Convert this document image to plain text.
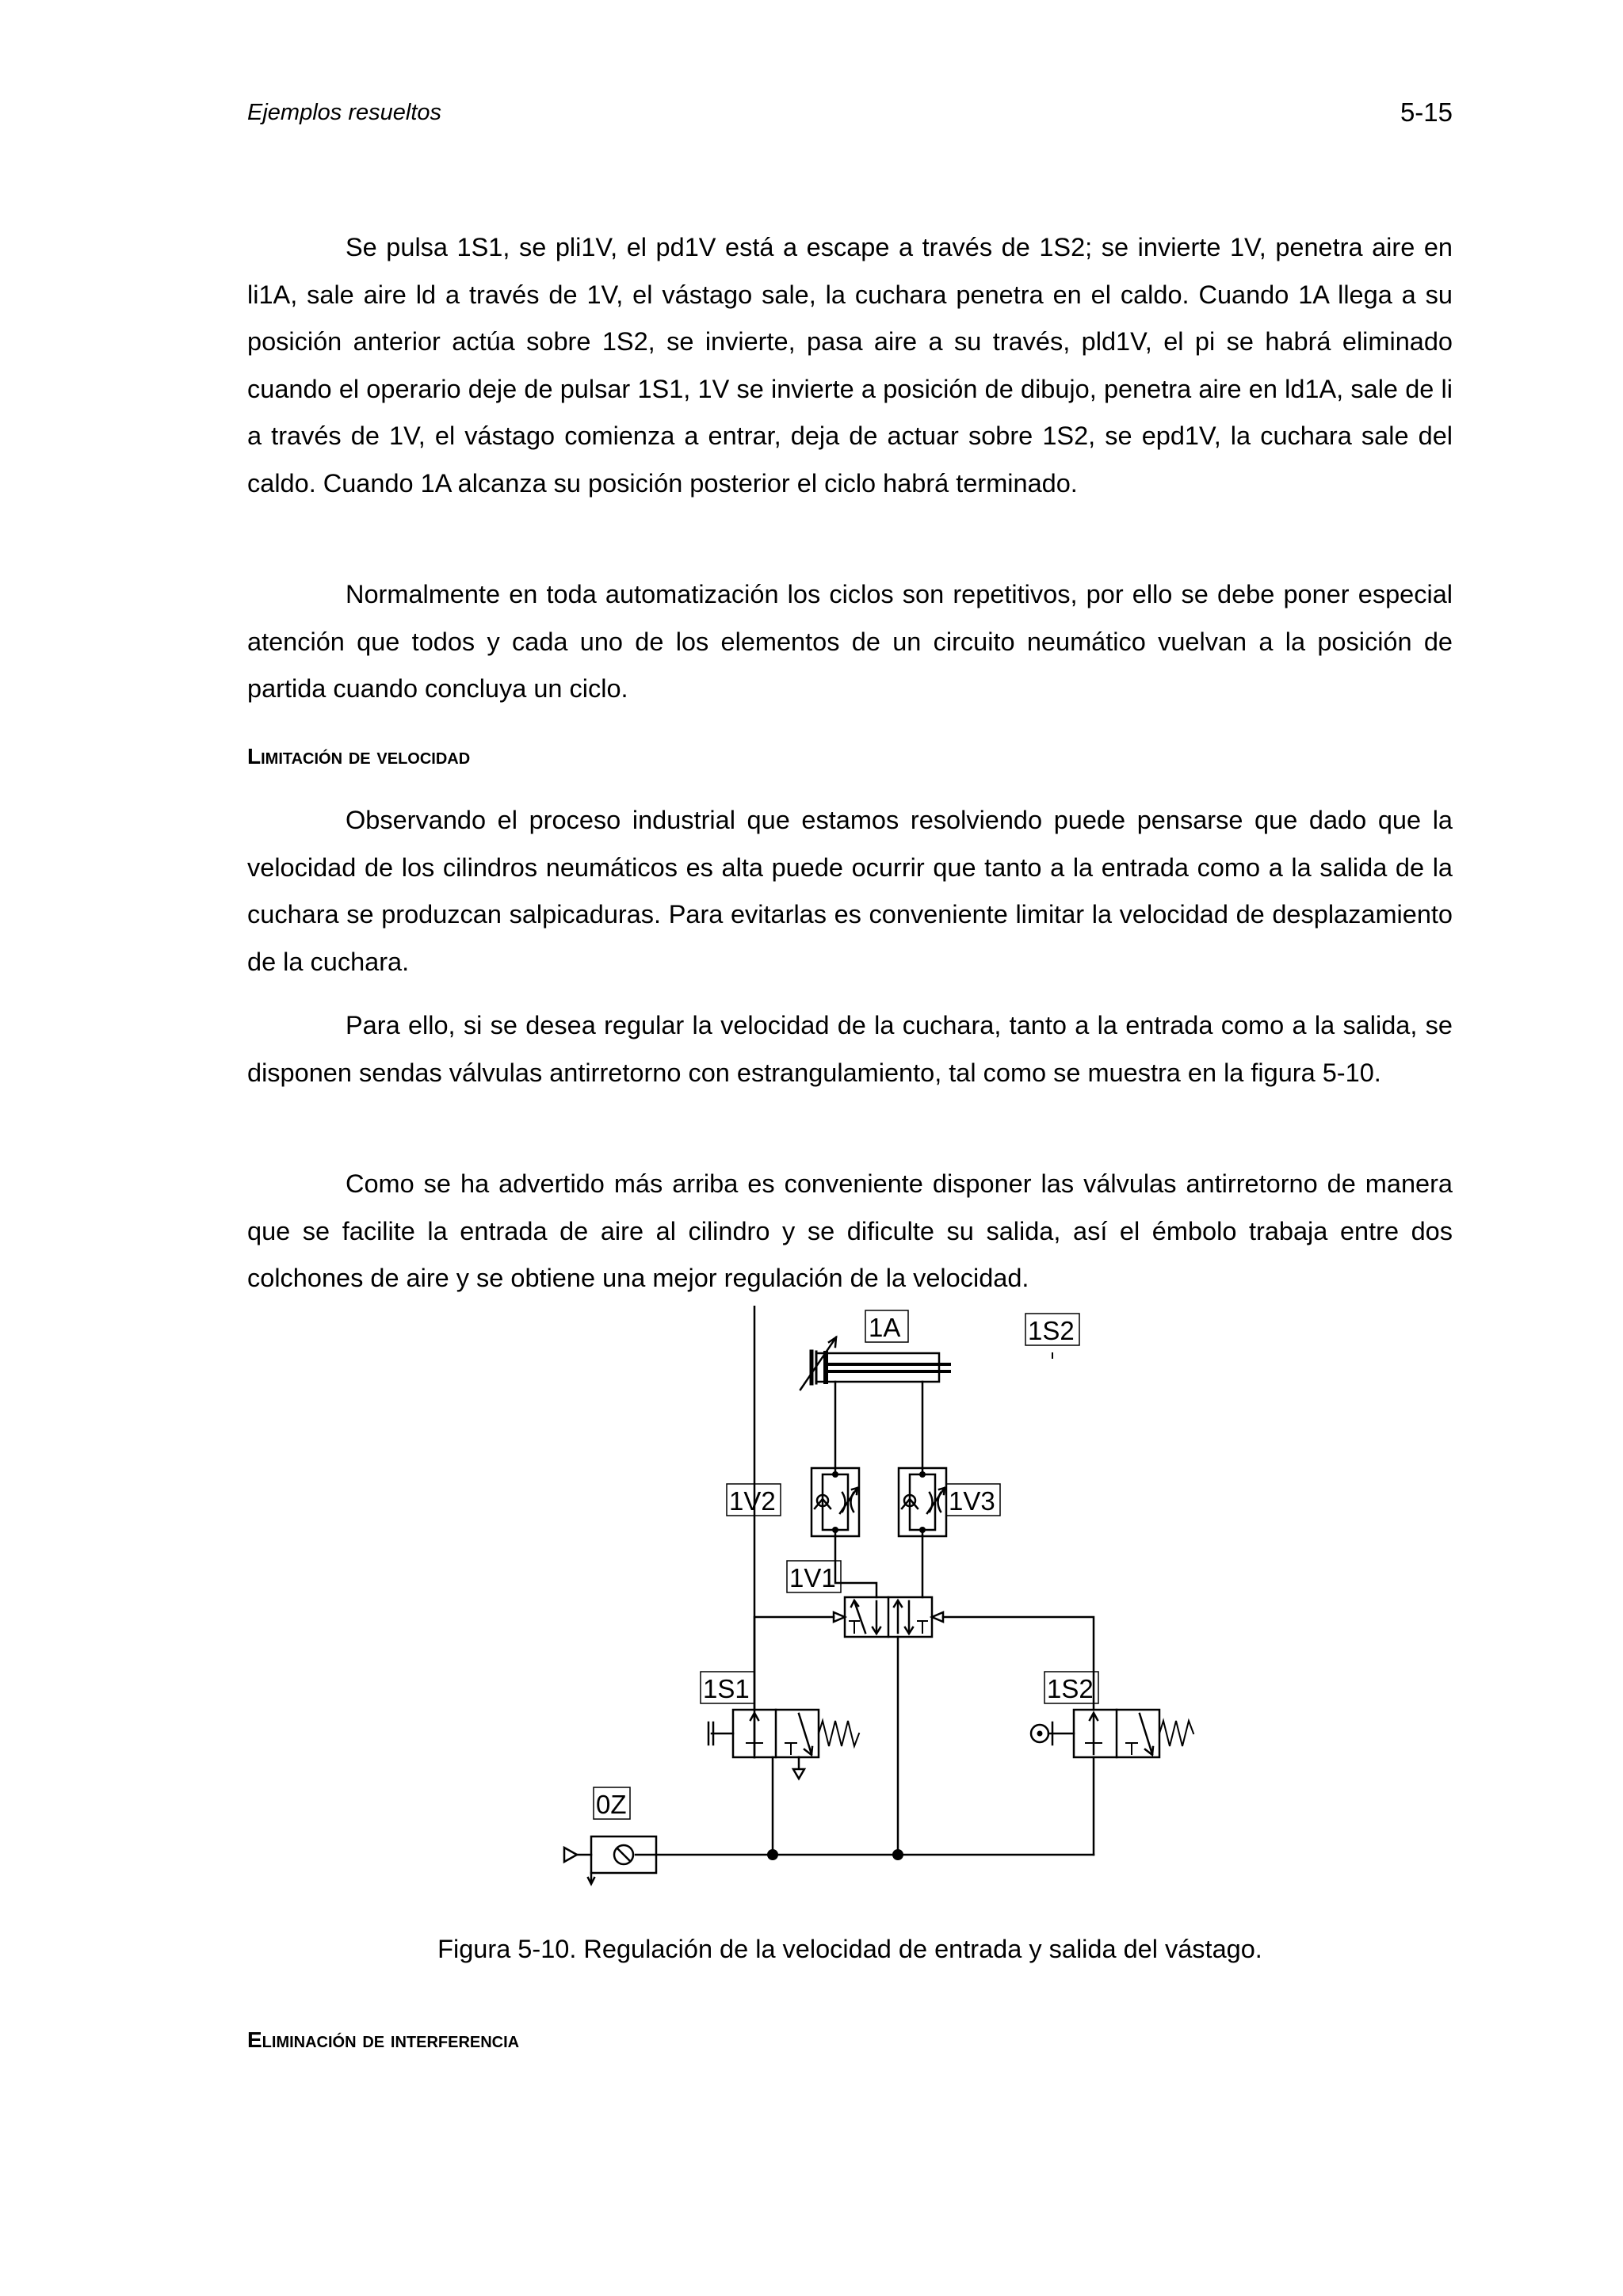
Ejemplos resueltos	5-15

Se pulsa 1S1, se pli1V, el pd1V está a escape a través de 1S2; se invierte 1V, penetra aire en li1A, sale aire ld a través de 1V, el vástago sale, la cuchara penetra en el caldo. Cuando 1A llega a su posición anterior actúa sobre 1S2, se invierte, pasa aire a su través, pld1V, el pi se habrá eliminado cuando el operario deje de pulsar 1S1, 1V se invierte a posición de dibujo, penetra aire en ld1A, sale de li a través de 1V, el vástago comienza a entrar, deja de actuar sobre 1S2, se epd1V, la cuchara sale del caldo. Cuando 1A alcanza su posición posterior el ciclo habrá terminado.

Normalmente en toda automatización los ciclos son repetitivos, por ello se debe poner especial atención que todos y cada uno de los elementos de un circuito neumático vuelvan a la posición de partida cuando concluya un ciclo.

Limitación de velocidad

Observando el proceso industrial que estamos resolviendo puede pensarse que dado que la velocidad de los cilindros neumáticos es alta puede ocurrir que tanto a la entrada como a la salida de la cuchara se produzcan salpicaduras. Para evitarlas es conveniente limitar la velocidad de desplazamiento de la cuchara.

Para ello, si se desea regular la velocidad de la cuchara, tanto a la entrada como a la salida, se disponen sendas válvulas antirretorno con estrangulamiento, tal como se muestra en la figura 5-10.

Como se ha advertido más arriba es conveniente disponer las válvulas antirretorno de manera que se facilite la entrada de aire al cilindro y se dificulte su salida, así el émbolo trabaja entre dos colchones de aire y se obtiene una mejor regulación de la velocidad.

1A	1S2
1V2	1V3
1V1
1S1	1S2
0Z
Figura 5-10. Regulación de la velocidad de entrada y salida del vástago.
Eliminación de interferencia
